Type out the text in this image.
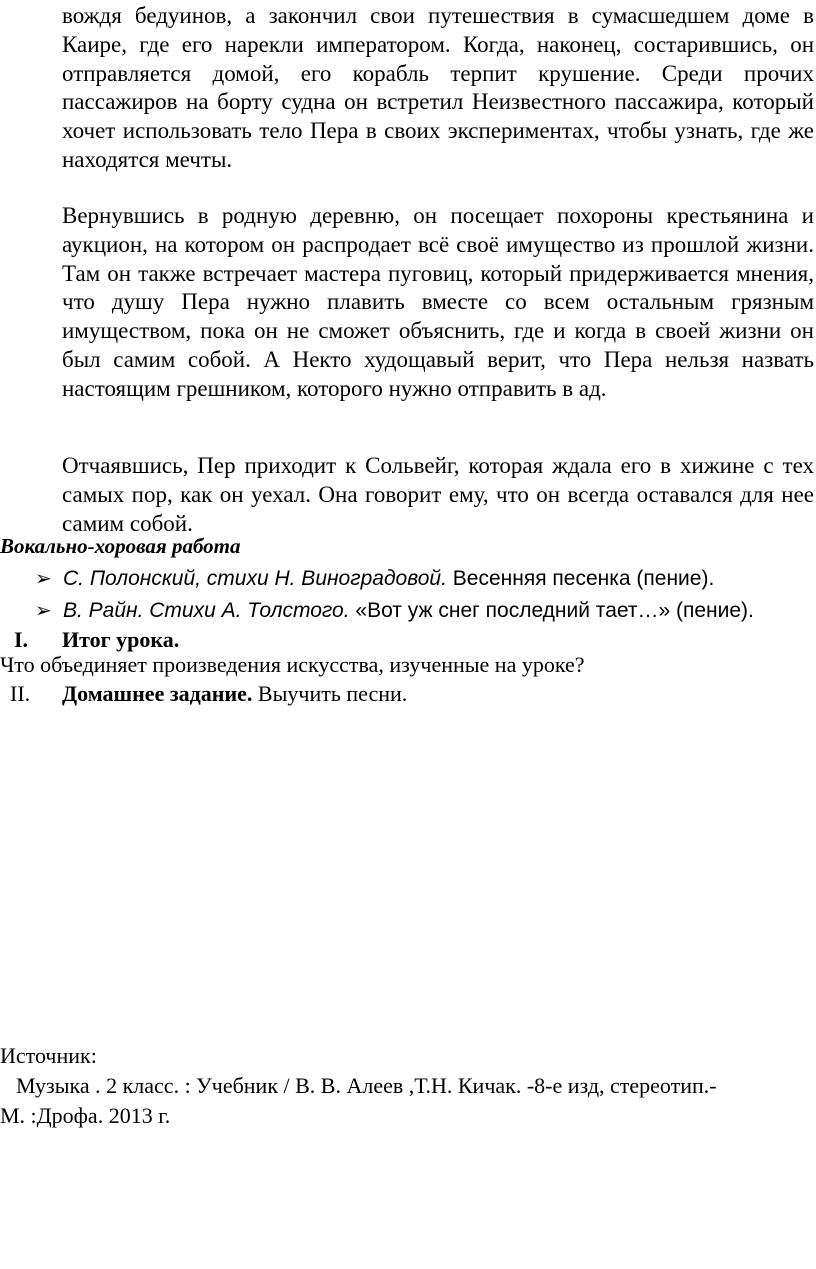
вождя бедуинов, а закончил свои путешествия в сумасшедшем доме в Каире, где его нарекли императором. Когда, наконец, состарившись, он отправляется домой, его корабль терпит крушение. Среди прочих пассажиров на борту судна он встретил Неизвестного пассажира, который хочет использовать тело Пера в своих экспериментах, чтобы узнать, где же находятся мечты.

Вернувшись в родную деревню, он посещает похороны крестьянина и аукцион, на котором он распродает всё своё имущество из прошлой жизни. Там он также встречает мастера пуговиц, который придерживается мнения, что душу Пера нужно плавить вместе со всем остальным грязным имуществом, пока он не сможет объяснить, где и когда в своей жизни он был самим собой. А Некто худощавый верит, что Пера нельзя назвать настоящим грешником, которого нужно отправить в ад.

Отчаявшись, Пер приходит к Сольвейг, которая ждала его в хижине с тех самых пор, как он уехал. Она говорит ему, что он всегда оставался для нее самим собой.

Вокально-хоровая работа

➢ С. Полонский, стихи Н. Виноградовой. Весенняя песенка (пение).
➢ В. Райн. Стихи А. Толстого. «Вот уж снег последний тает…» (пение).
I. Итог урока.

Что объединяет произведения искусства, изученные на уроке?

II. Домашнее задание. Выучить песни.

Источник:

Музыка . 2 класс. : Учебник / В. В. Алеев ,Т.Н. Кичак. -8-е изд, стереотип.-

М. :Дрофа. 2013 г.
